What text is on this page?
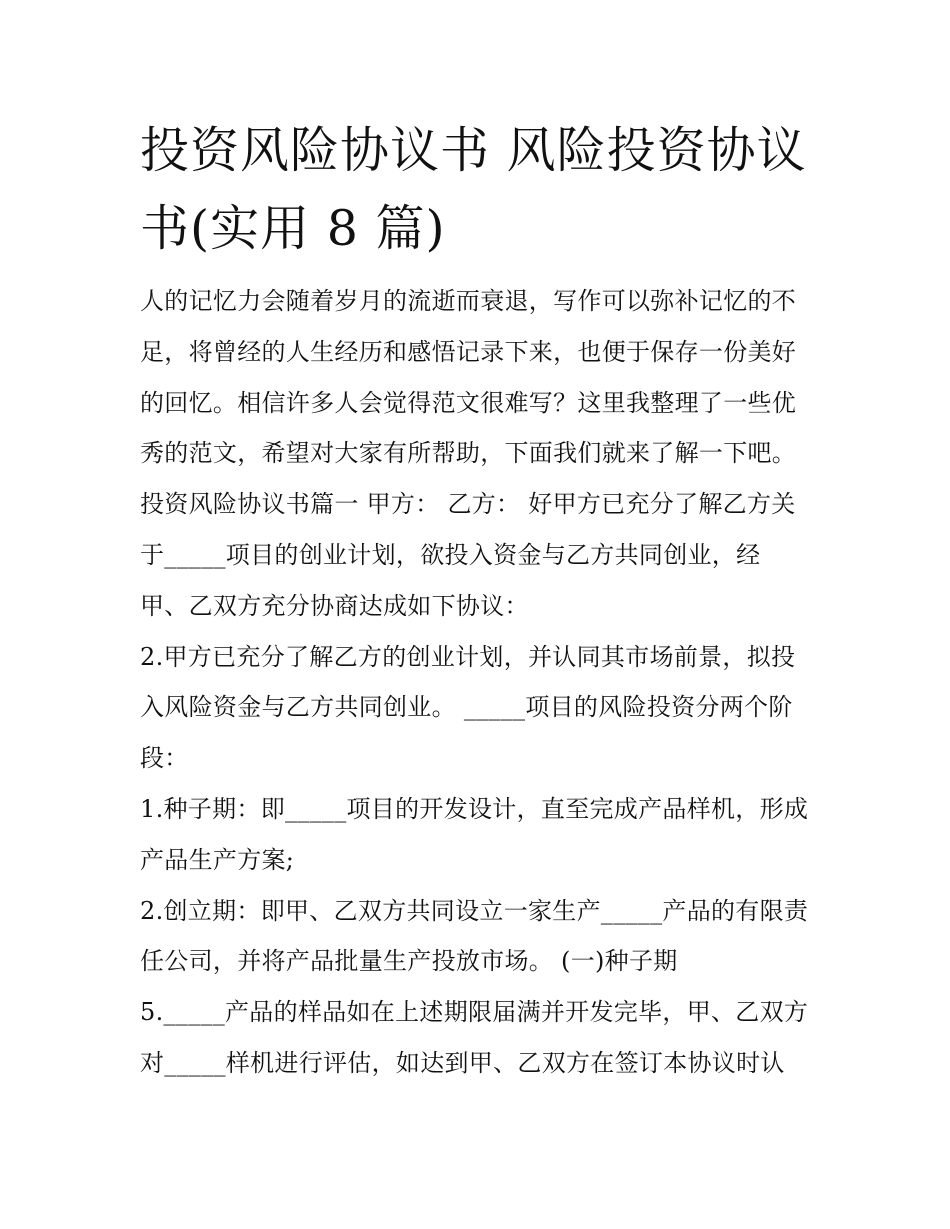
投资风险协议书 风险投资协议
书(实用 8 篇)
人的记忆力会随着岁月的流逝而衰退，写作可以弥补记忆的不
足，将曾经的人生经历和感悟记录下来，也便于保存一份美好
的回忆。相信许多人会觉得范文很难写？这里我整理了一些优
秀的范文，希望对大家有所帮助，下面我们就来了解一下吧。
投资风险协议书篇一 甲方： 乙方： 好甲方已充分了解乙方关
于_____项目的创业计划，欲投入资金与乙方共同创业，经
甲、乙双方充分协商达成如下协议：
2.甲方已充分了解乙方的创业计划，并认同其市场前景，拟投
入风险资金与乙方共同创业。 _____项目的风险投资分两个阶
段：
1.种子期：即_____项目的开发设计，直至完成产品样机，形成
产品生产方案;
2.创立期：即甲、乙双方共同设立一家生产_____产品的有限责
任公司，并将产品批量生产投放市场。 (一)种子期
5._____产品的样品如在上述期限届满并开发完毕，甲、乙双方
对_____样机进行评估，如达到甲、乙双方在签订本协议时认
